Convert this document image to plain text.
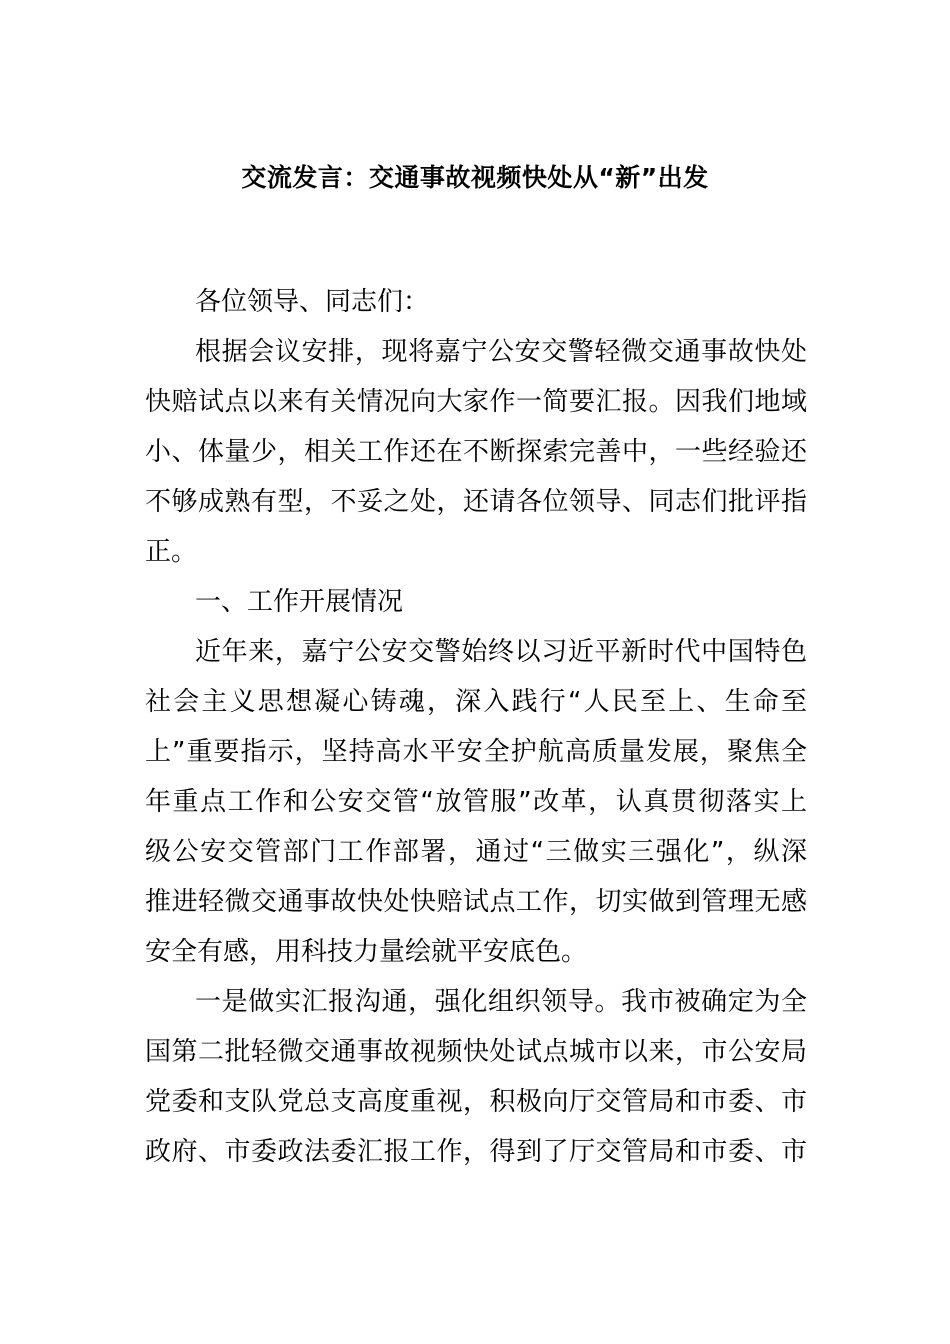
交流发言：交通事故视频快处从“新”出发
各位领导、同志们：
根据会议安排，现将嘉宁公安交警轻微交通事故快处
快赔试点以来有关情况向大家作一简要汇报。因我们地域
小、体量少，相关工作还在不断探索完善中，一些经验还
不够成熟有型，不妥之处，还请各位领导、同志们批评指
正。
一、工作开展情况
近年来，嘉宁公安交警始终以习近平新时代中国特色
社会主义思想凝心铸魂，深入践行“人民至上、生命至
上”重要指示，坚持高水平安全护航高质量发展，聚焦全
年重点工作和公安交管“放管服”改革，认真贯彻落实上
级公安交管部门工作部署，通过“三做实三强化”，纵深
推进轻微交通事故快处快赔试点工作，切实做到管理无感
安全有感，用科技力量绘就平安底色。
一是做实汇报沟通，强化组织领导。我市被确定为全
国第二批轻微交通事故视频快处试点城市以来，市公安局
党委和支队党总支高度重视，积极向厅交管局和市委、市
政府、市委政法委汇报工作，得到了厅交管局和市委、市
